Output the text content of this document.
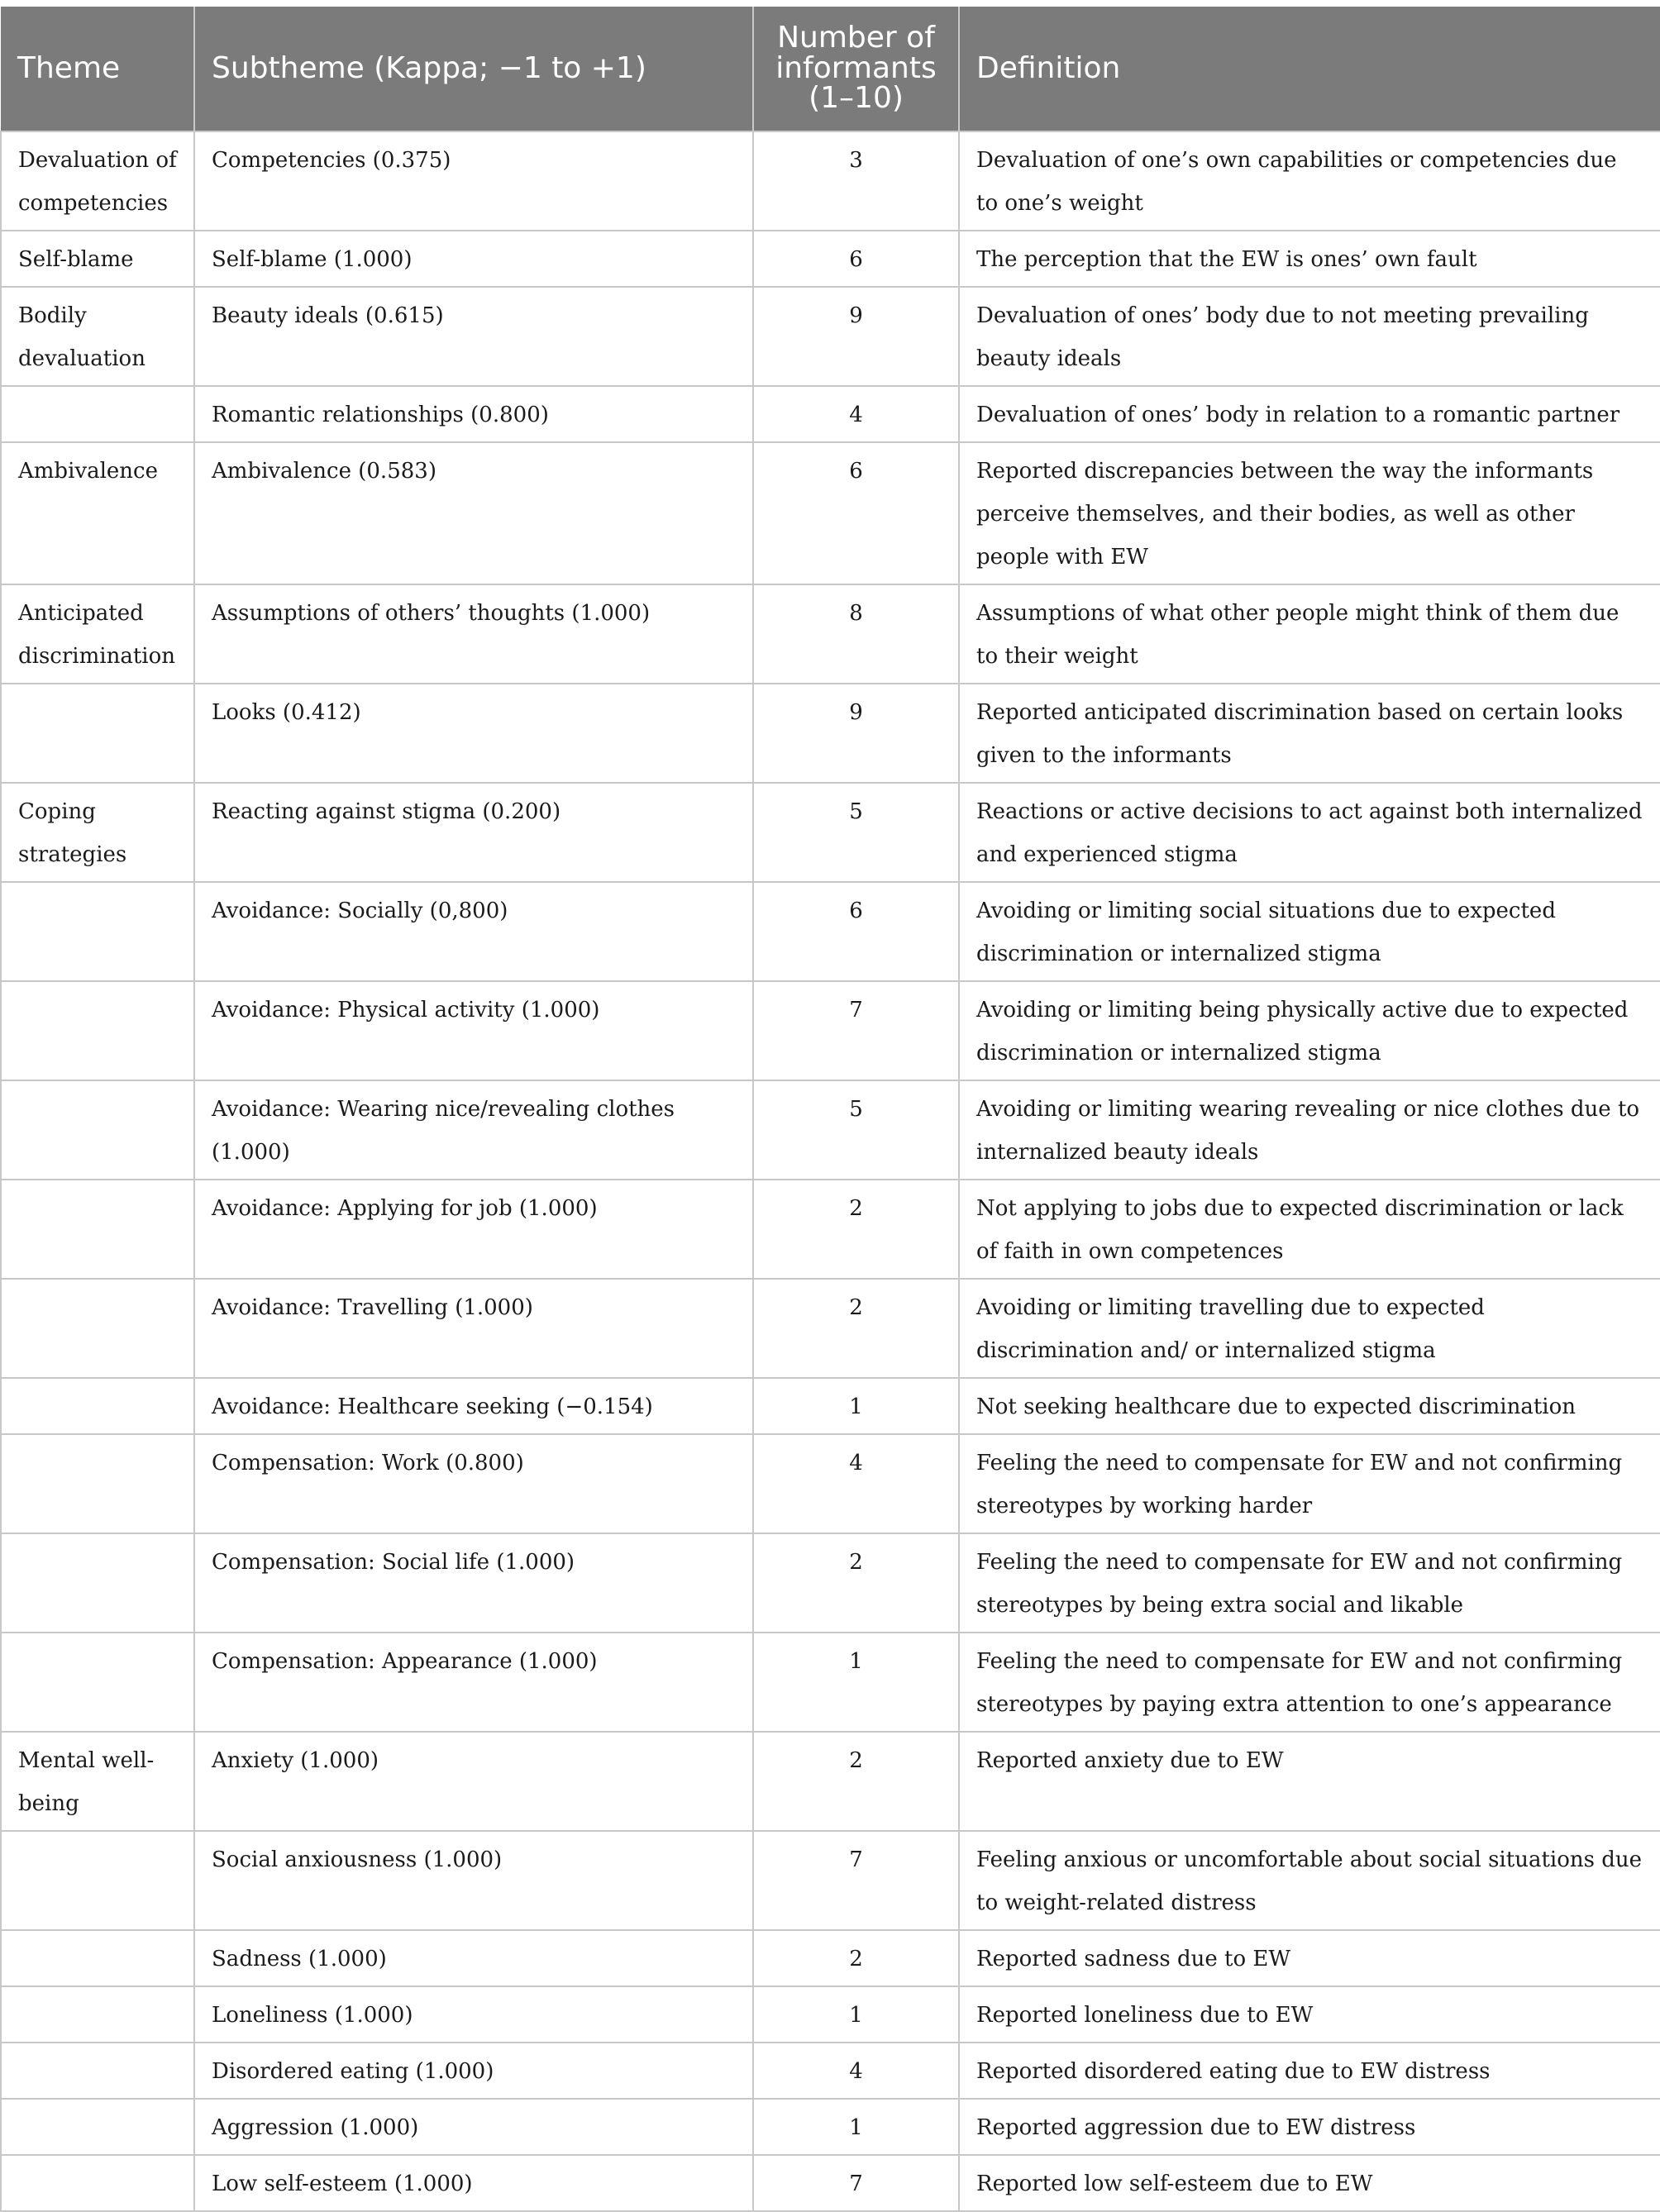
Theme	Subtheme (Kappa; −1 to +1)	Number of informants (1–10)	Definition
Devaluation of competencies	Competencies (0.375)	3	Devaluation of one’s own capabilities or competencies due to one’s weight
Self-blame	Self-blame (1.000)	6	The perception that the EW is ones’ own fault
Bodily devaluation	Beauty ideals (0.615)	9	Devaluation of ones’ body due to not meeting prevailing beauty ideals
	Romantic relationships (0.800)	4	Devaluation of ones’ body in relation to a romantic partner
Ambivalence	Ambivalence (0.583)	6	Reported discrepancies between the way the informants perceive themselves, and their bodies, as well as other people with EW
Anticipated discrimination	Assumptions of others’ thoughts (1.000)	8	Assumptions of what other people might think of them due to their weight
	Looks (0.412)	9	Reported anticipated discrimination based on certain looks given to the informants
Coping strategies	Reacting against stigma (0.200)	5	Reactions or active decisions to act against both internalized and experienced stigma
	Avoidance: Socially (0,800)	6	Avoiding or limiting social situations due to expected discrimination or internalized stigma
	Avoidance: Physical activity (1.000)	7	Avoiding or limiting being physically active due to expected discrimination or internalized stigma
	Avoidance: Wearing nice/revealing clothes (1.000)	5	Avoiding or limiting wearing revealing or nice clothes due to internalized beauty ideals
	Avoidance: Applying for job (1.000)	2	Not applying to jobs due to expected discrimination or lack of faith in own competences
	Avoidance: Travelling (1.000)	2	Avoiding or limiting travelling due to expected discrimination and/ or internalized stigma
	Avoidance: Healthcare seeking (−0.154)	1	Not seeking healthcare due to expected discrimination
	Compensation: Work (0.800)	4	Feeling the need to compensate for EW and not confirming stereotypes by working harder
	Compensation: Social life (1.000)	2	Feeling the need to compensate for EW and not confirming stereotypes by being extra social and likable
	Compensation: Appearance (1.000)	1	Feeling the need to compensate for EW and not confirming stereotypes by paying extra attention to one’s appearance
Mental well-being	Anxiety (1.000)	2	Reported anxiety due to EW
	Social anxiousness (1.000)	7	Feeling anxious or uncomfortable about social situations due to weight-related distress
	Sadness (1.000)	2	Reported sadness due to EW
	Loneliness (1.000)	1	Reported loneliness due to EW
	Disordered eating (1.000)	4	Reported disordered eating due to EW distress
	Aggression (1.000)	1	Reported aggression due to EW distress
	Low self-esteem (1.000)	7	Reported low self-esteem due to EW
